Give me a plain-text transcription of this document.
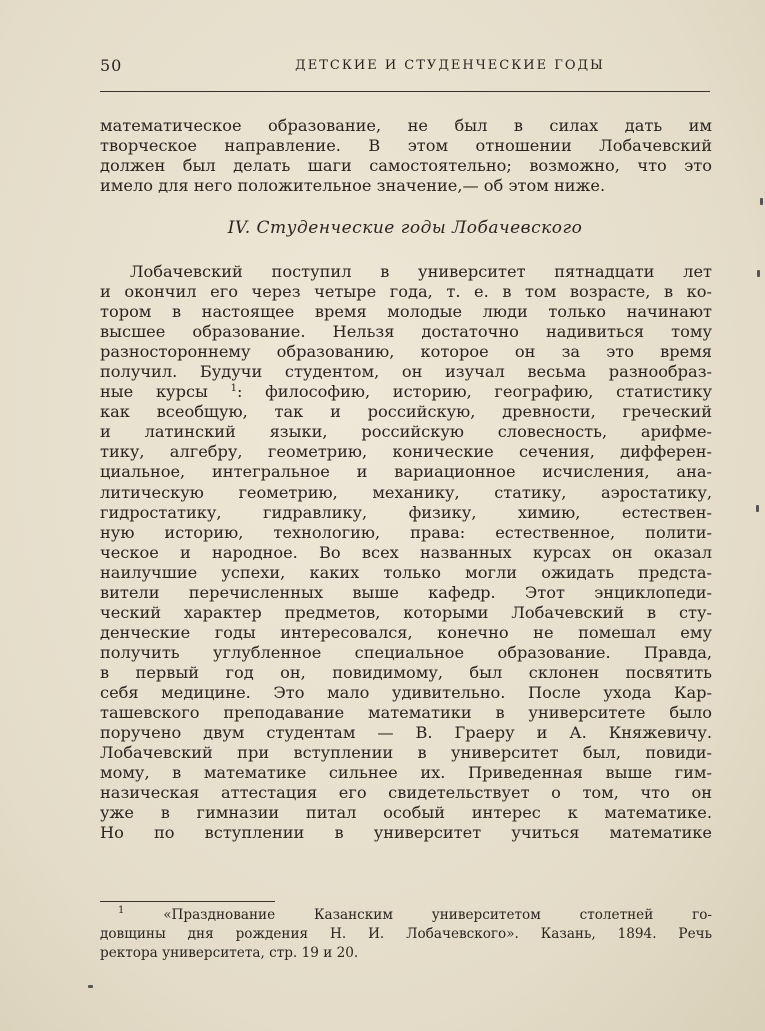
50	ДЕТСКИЕ И СТУДЕНЧЕСКИЕ ГОДЫ
математическое образование, не был в силах дать им
творческое направление. В этом отношении Лобачевский
должен был делать шаги самостоятельно; возможно, что это
имело для него положительное значение,— об этом ниже.
IV. Студенческие годы Лобачевского
Лобачевский поступил в университет пятнадцати лет
и окончил его через четыре года, т. е. в том возрасте, в ко-
тором в настоящее время молодые люди только начинают
высшее образование. Нельзя достаточно надивиться тому
разностороннему образованию, которое он за это время
получил. Будучи студентом, он изучал весьма разнообраз-
ные курсы $^1$: философию, историю, географию, статистику
как всеобщую, так и российскую, древности, греческий
и латинский языки, российскую словесность, арифме-
тику, алгебру, геометрию, конические сечения, дифферен-
циальное, интегральное и вариационное исчисления, ана-
литическую геометрию, механику, статику, аэростатику,
гидростатику, гидравлику, физику, химию, естествен-
ную историю, технологию, права: естественное, полити-
ческое и народное. Во всех названных курсах он оказал
наилучшие успехи, каких только могли ожидать предста-
вители перечисленных выше кафедр. Этот энциклопеди-
ческий характер предметов, которыми Лобачевский в сту-
денческие годы интересовался, конечно не помешал ему
получить углубленное специальное образование. Правда,
в первый год он, повидимому, был склонен посвятить
себя медицине. Это мало удивительно. После ухода Кар-
ташевского преподавание математики в университете было
поручено двум студентам — В. Граеру и А. Княжевичу.
Лобачевский при вступлении в университет был, повиди-
мому, в математике сильнее их. Приведенная выше гим-
назическая аттестация его свидетельствует о том, что он
уже в гимназии питал особый интерес к математике.
Но по вступлении в университет учиться математике
$^1$	«Празднование Казанским университетом столетней го-
довщины дня рождения Н. И. Лобачевского». Казань, 1894. Речь
ректора университета, стр. 19 и 20.
